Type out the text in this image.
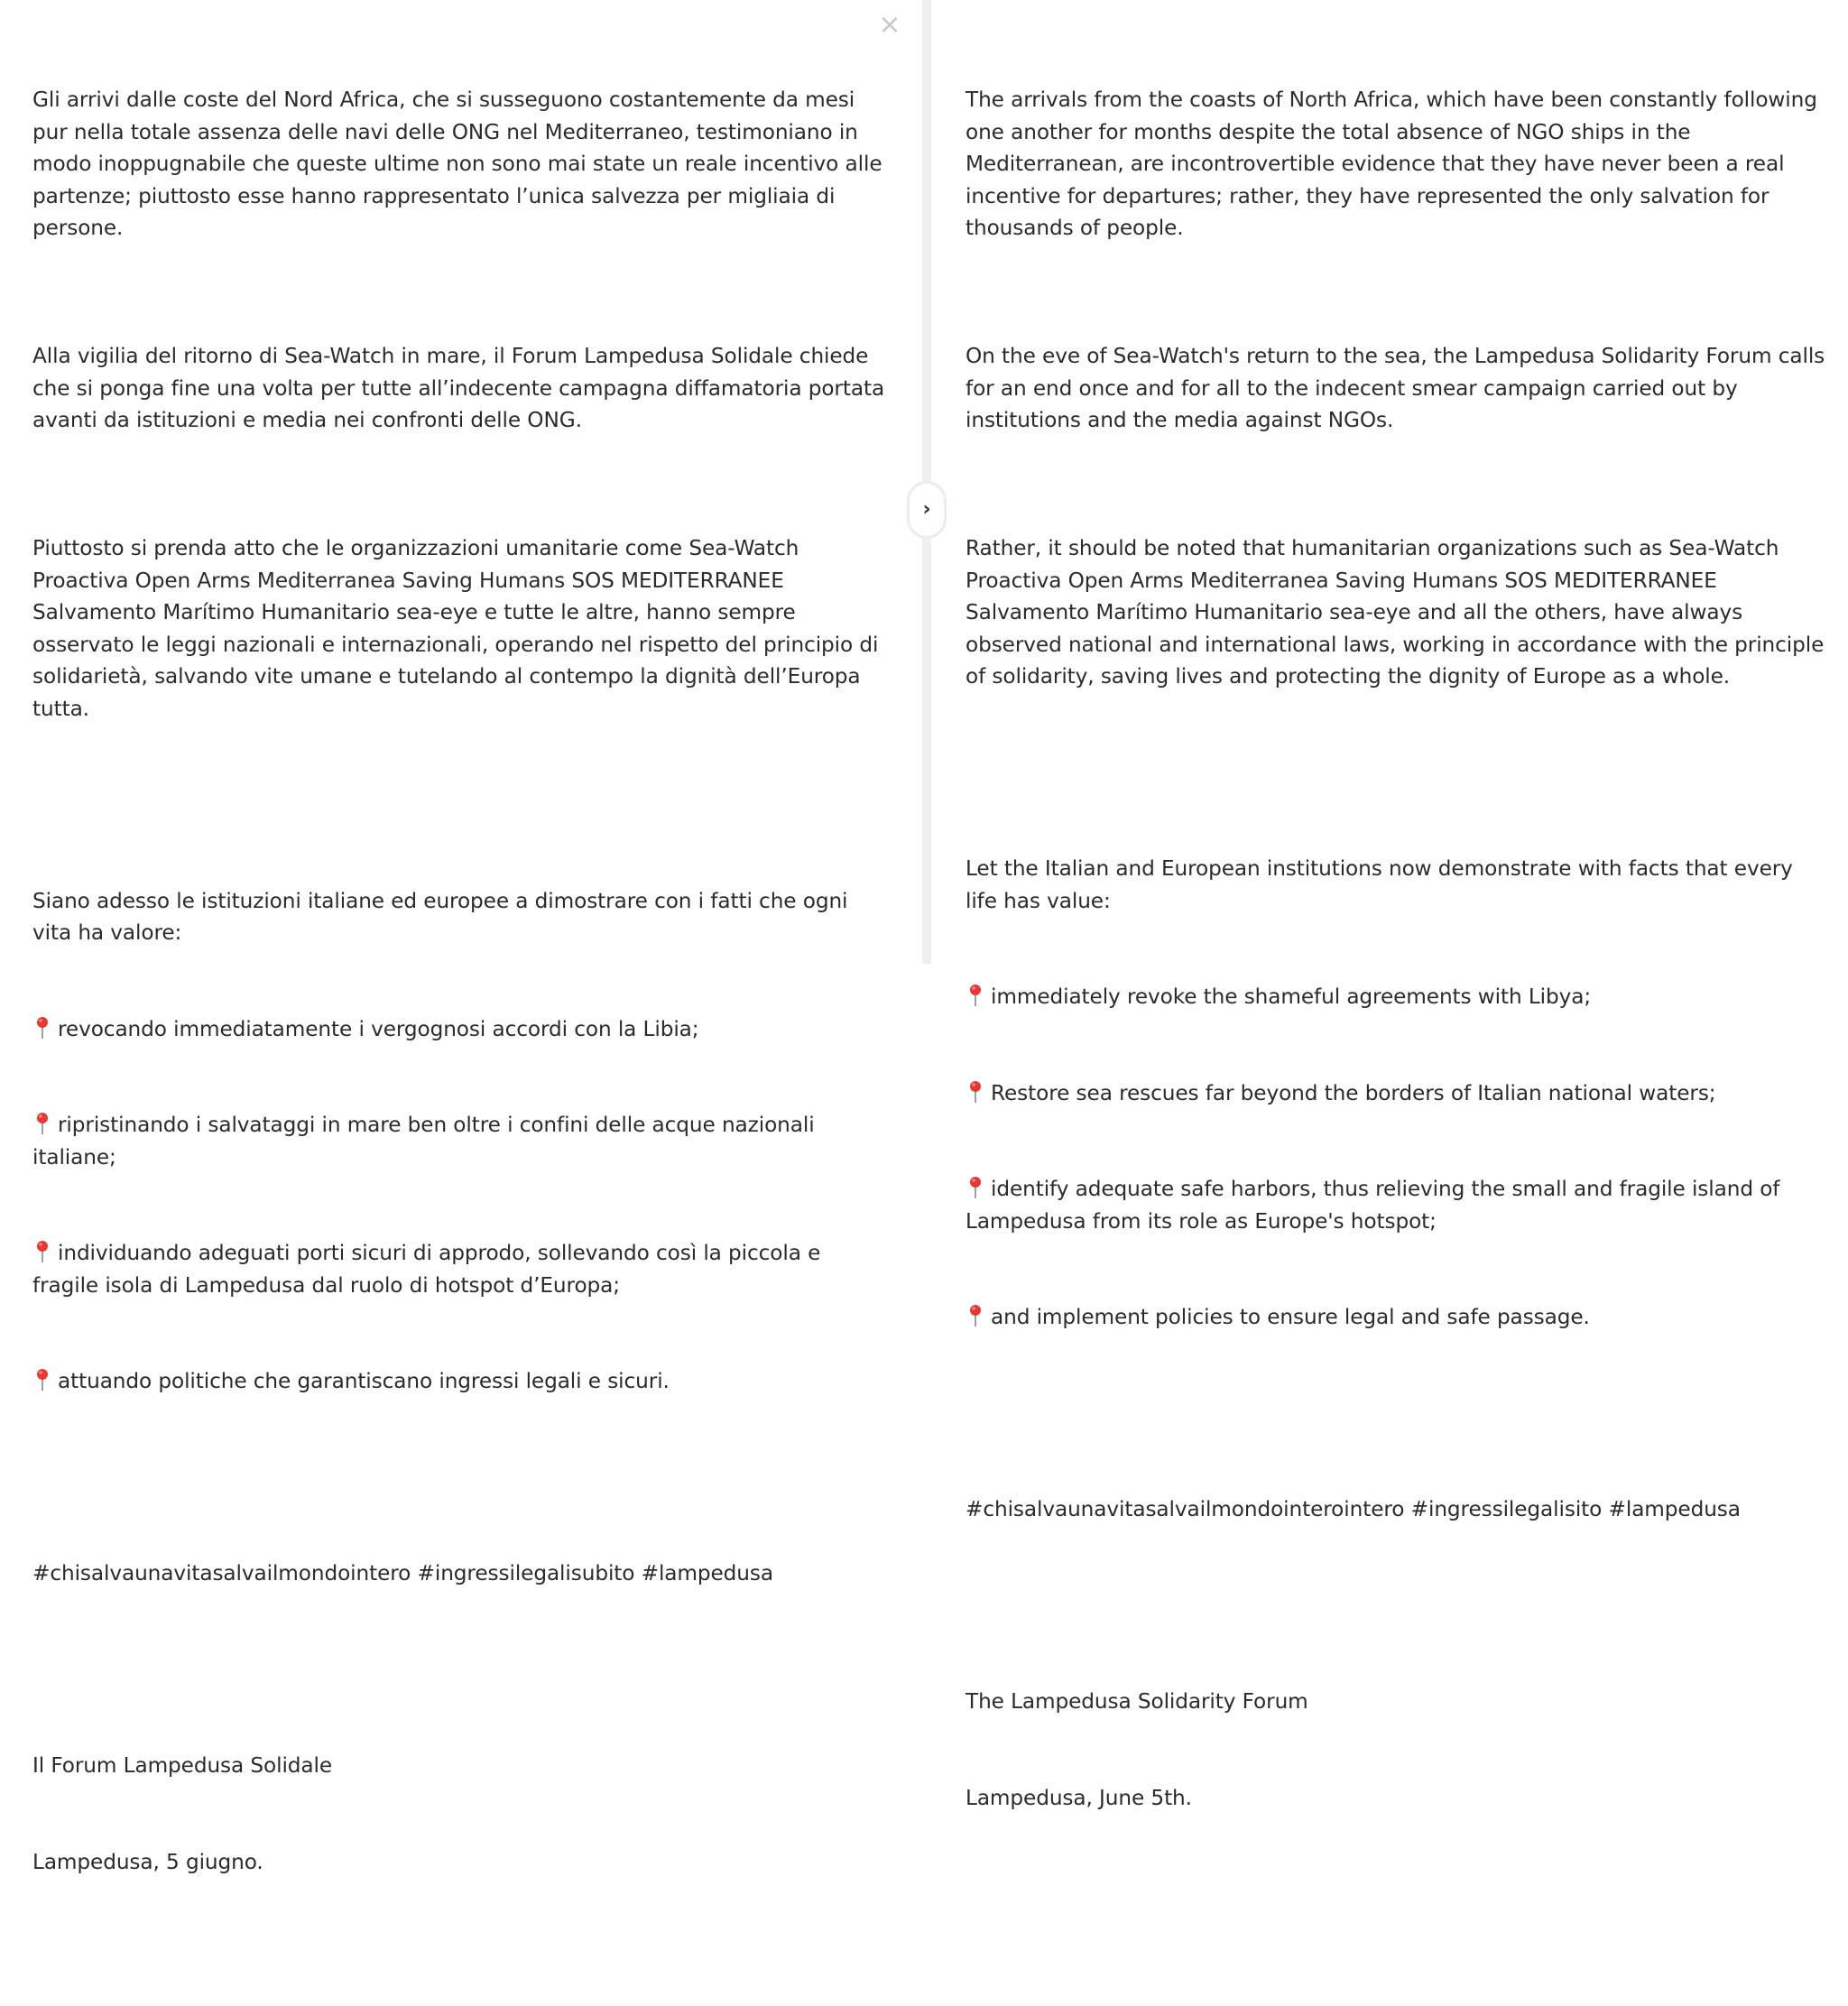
Gli arrivi dalle coste del Nord Africa, che si susseguono costantemente da mesi pur nella totale assenza delle navi delle ONG nel Mediterraneo, testimoniano in modo inoppugnabile che queste ultime non sono mai state un reale incentivo alle partenze; piuttosto esse hanno rappresentato l’unica salvezza per migliaia di persone.

Alla vigilia del ritorno di Sea-Watch in mare, il Forum Lampedusa Solidale chiede che si ponga fine una volta per tutte all’indecente campagna diffamatoria portata avanti da istituzioni e media nei confronti delle ONG.

Piuttosto si prenda atto che le organizzazioni umanitarie come Sea-Watch Proactiva Open Arms Mediterranea Saving Humans SOS MEDITERRANEE Salvamento Marítimo Humanitario sea-eye e tutte le altre, hanno sempre osservato le leggi nazionali e internazionali, operando nel rispetto del principio di solidarietà, salvando vite umane e tutelando al contempo la dignità dell’Europa tutta.

Siano adesso le istituzioni italiane ed europee a dimostrare con i fatti che ogni vita ha valore:

revocando immediatamente i vergognosi accordi con la Libia;

ripristinando i salvataggi in mare ben oltre i confini delle acque nazionali italiane;

individuando adeguati porti sicuri di approdo, sollevando così la piccola e fragile isola di Lampedusa dal ruolo di hotspot d’Europa;

attuando politiche che garantiscano ingressi legali e sicuri.

#chisalvaunavitasalvailmondointero #ingressilegalisubito #lampedusa

Il Forum Lampedusa Solidale

Lampedusa, 5 giugno.

×
›

The arrivals from the coasts of North Africa, which have been constantly following one another for months despite the total absence of NGO ships in the Mediterranean, are incontrovertible evidence that they have never been a real incentive for departures; rather, they have represented the only salvation for thousands of people.

On the eve of Sea-Watch's return to the sea, the Lampedusa Solidarity Forum calls for an end once and for all to the indecent smear campaign carried out by institutions and the media against NGOs.

Rather, it should be noted that humanitarian organizations such as Sea-Watch Proactiva Open Arms Mediterranea Saving Humans SOS MEDITERRANEE Salvamento Marítimo Humanitario sea-eye and all the others, have always observed national and international laws, working in accordance with the principle of solidarity, saving lives and protecting the dignity of Europe as a whole.

Let the Italian and European institutions now demonstrate with facts that every life has value:

immediately revoke the shameful agreements with Libya;

Restore sea rescues far beyond the borders of Italian national waters;

identify adequate safe harbors, thus relieving the small and fragile island of Lampedusa from its role as Europe's hotspot;

and implement policies to ensure legal and safe passage.

#chisalvaunavitasalvailmondointerointero #ingressilegalisito #lampedusa

The Lampedusa Solidarity Forum

Lampedusa, June 5th.
